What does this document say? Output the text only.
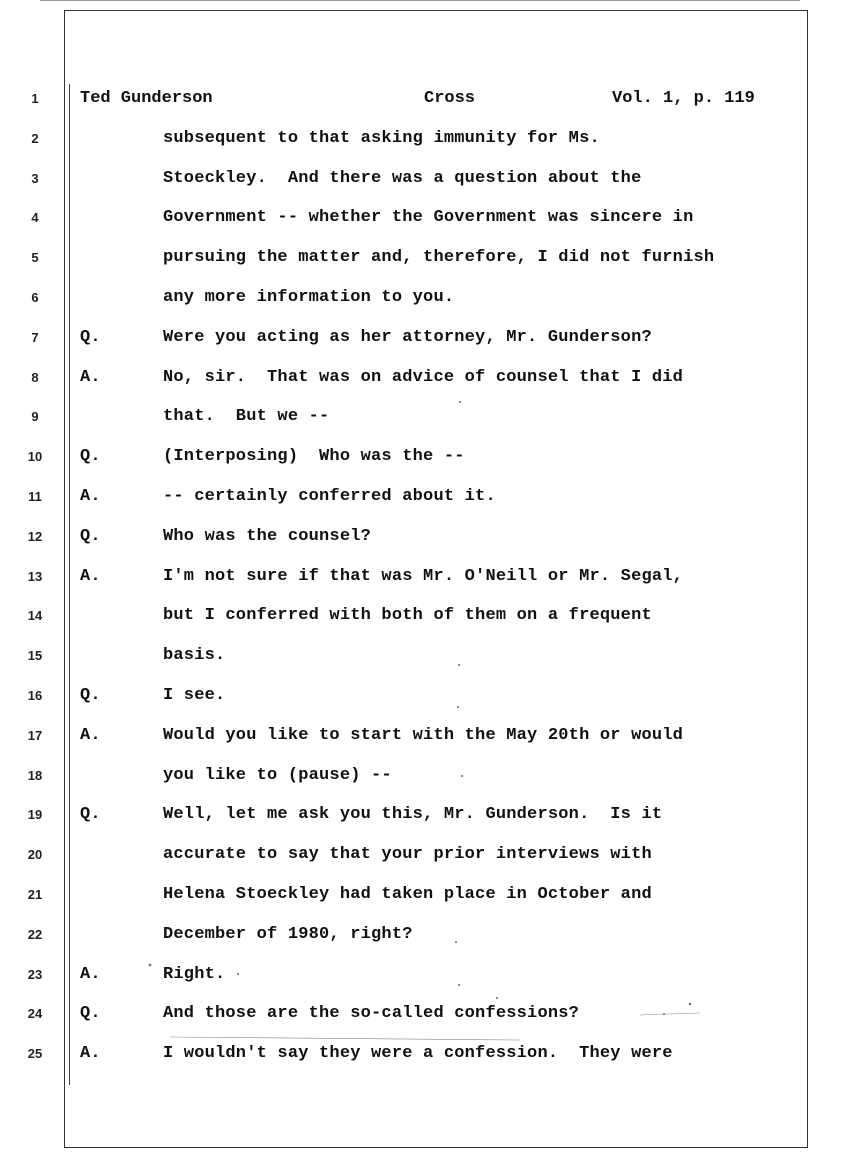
Ted Gunderson	Cross	Vol. 1, p. 119
1
2	subsequent to that asking immunity for Ms.
3	Stoeckley.  And there was a question about the
4	Government -- whether the Government was sincere in
5	pursuing the matter and, therefore, I did not furnish
6	any more information to you.
7	Q.	Were you acting as her attorney, Mr. Gunderson?
8	A.	No, sir.  That was on advice of counsel that I did
9	that.  But we --
10	Q.	(Interposing)  Who was the --
11	A.	-- certainly conferred about it.
12	Q.	Who was the counsel?
13	A.	I'm not sure if that was Mr. O'Neill or Mr. Segal,
14	but I conferred with both of them on a frequent
15	basis.
16	Q.	I see.
17	A.	Would you like to start with the May 20th or would
18	you like to (pause) --
19	Q.	Well, let me ask you this, Mr. Gunderson.  Is it
20	accurate to say that your prior interviews with
21	Helena Stoeckley had taken place in October and
22	December of 1980, right?
23	A.	Right.
24	Q.	And those are the so-called confessions?
25	A.	I wouldn't say they were a confession.  They were
